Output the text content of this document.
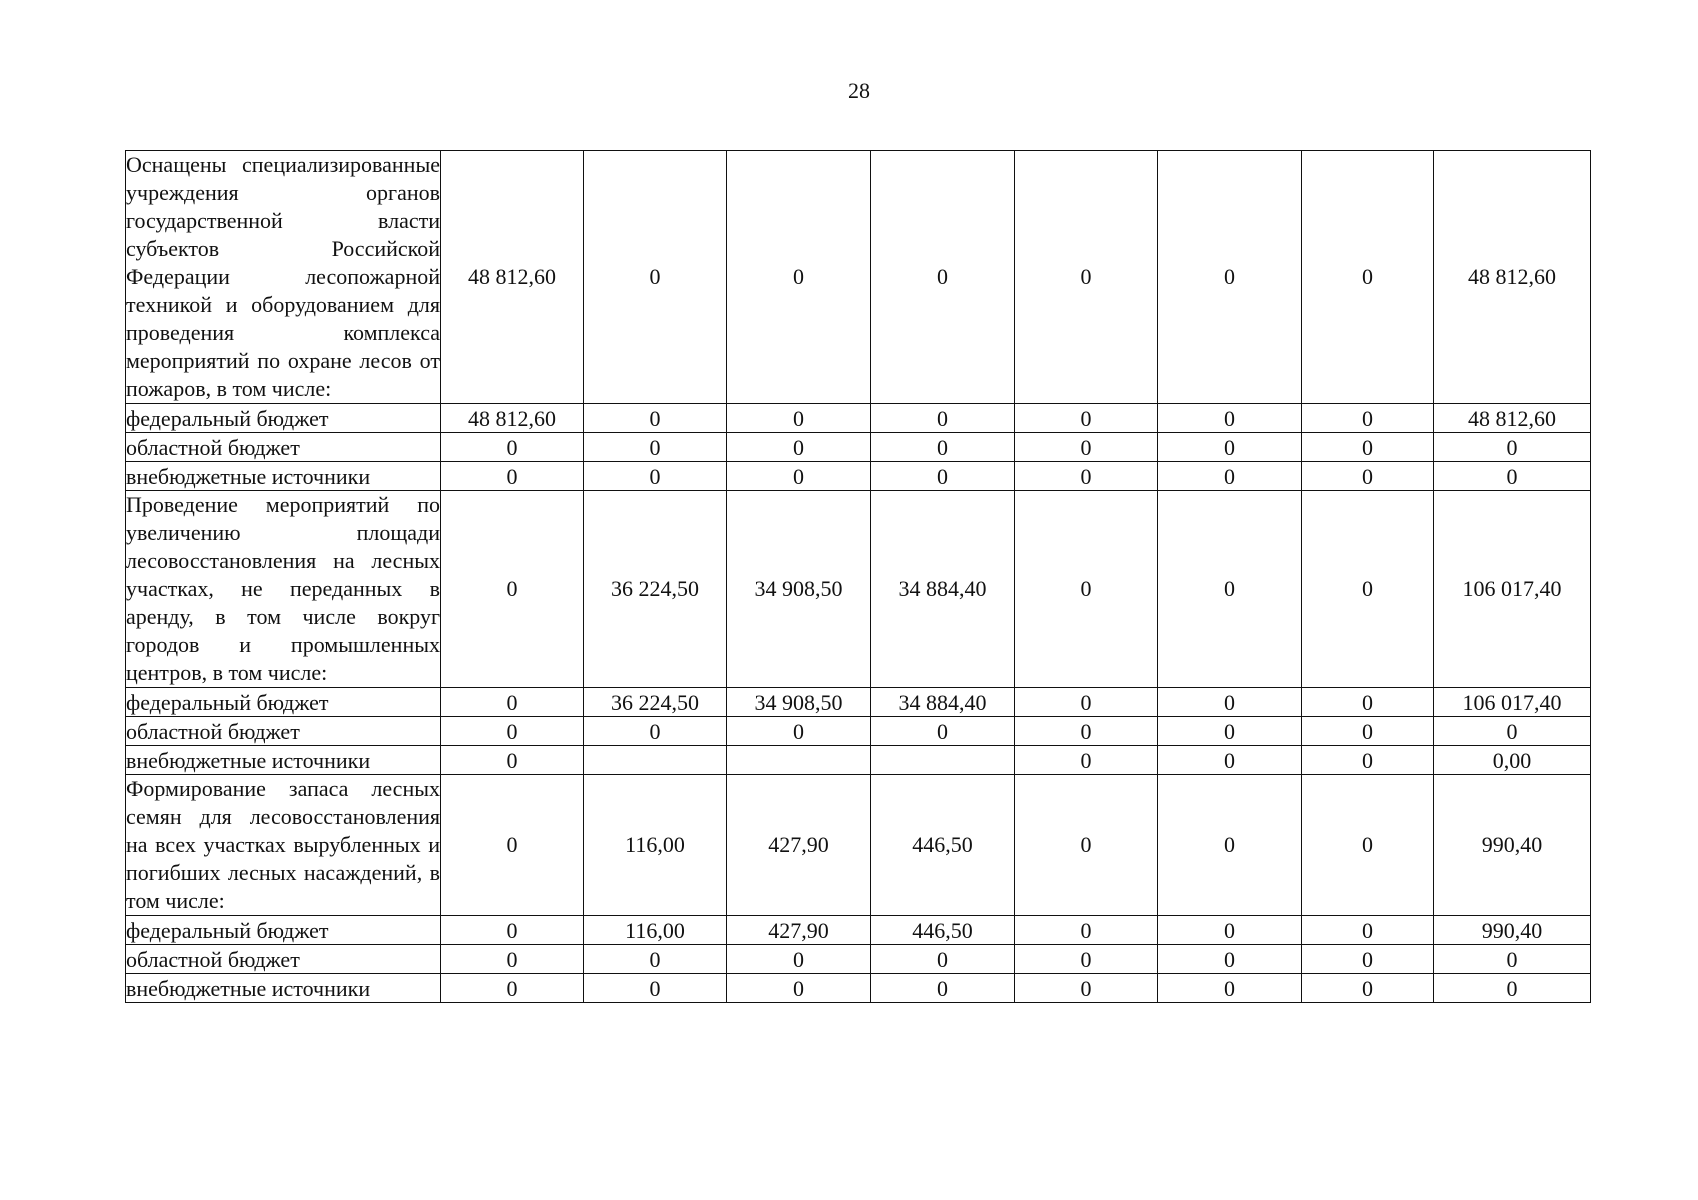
28
Оснащены специализированные учреждения органов государственной власти субъектов Российской Федерации лесопожарной техникой и оборудованием для проведения комплекса мероприятий по охране лесов от пожаров, в том числе:	48 812,60	0	0	0	0	0	0	48 812,60
федеральный бюджет	48 812,60	0	0	0	0	0	0	48 812,60
областной бюджет	0	0	0	0	0	0	0	0
внебюджетные источники	0	0	0	0	0	0	0	0
Проведение мероприятий по увеличению площади лесовосстановления на лесных участках, не переданных в аренду, в том числе вокруг городов и промышленных центров, в том числе:	0	36 224,50	34 908,50	34 884,40	0	0	0	106 017,40
федеральный бюджет	0	36 224,50	34 908,50	34 884,40	0	0	0	106 017,40
областной бюджет	0	0	0	0	0	0	0	0
внебюджетные источники	0				0	0	0	0,00
Формирование запаса лесных семян для лесовосстановления на всех участках вырубленных и погибших лесных насаждений, в том числе:	0	116,00	427,90	446,50	0	0	0	990,40
федеральный бюджет	0	116,00	427,90	446,50	0	0	0	990,40
областной бюджет	0	0	0	0	0	0	0	0
внебюджетные источники	0	0	0	0	0	0	0	0
